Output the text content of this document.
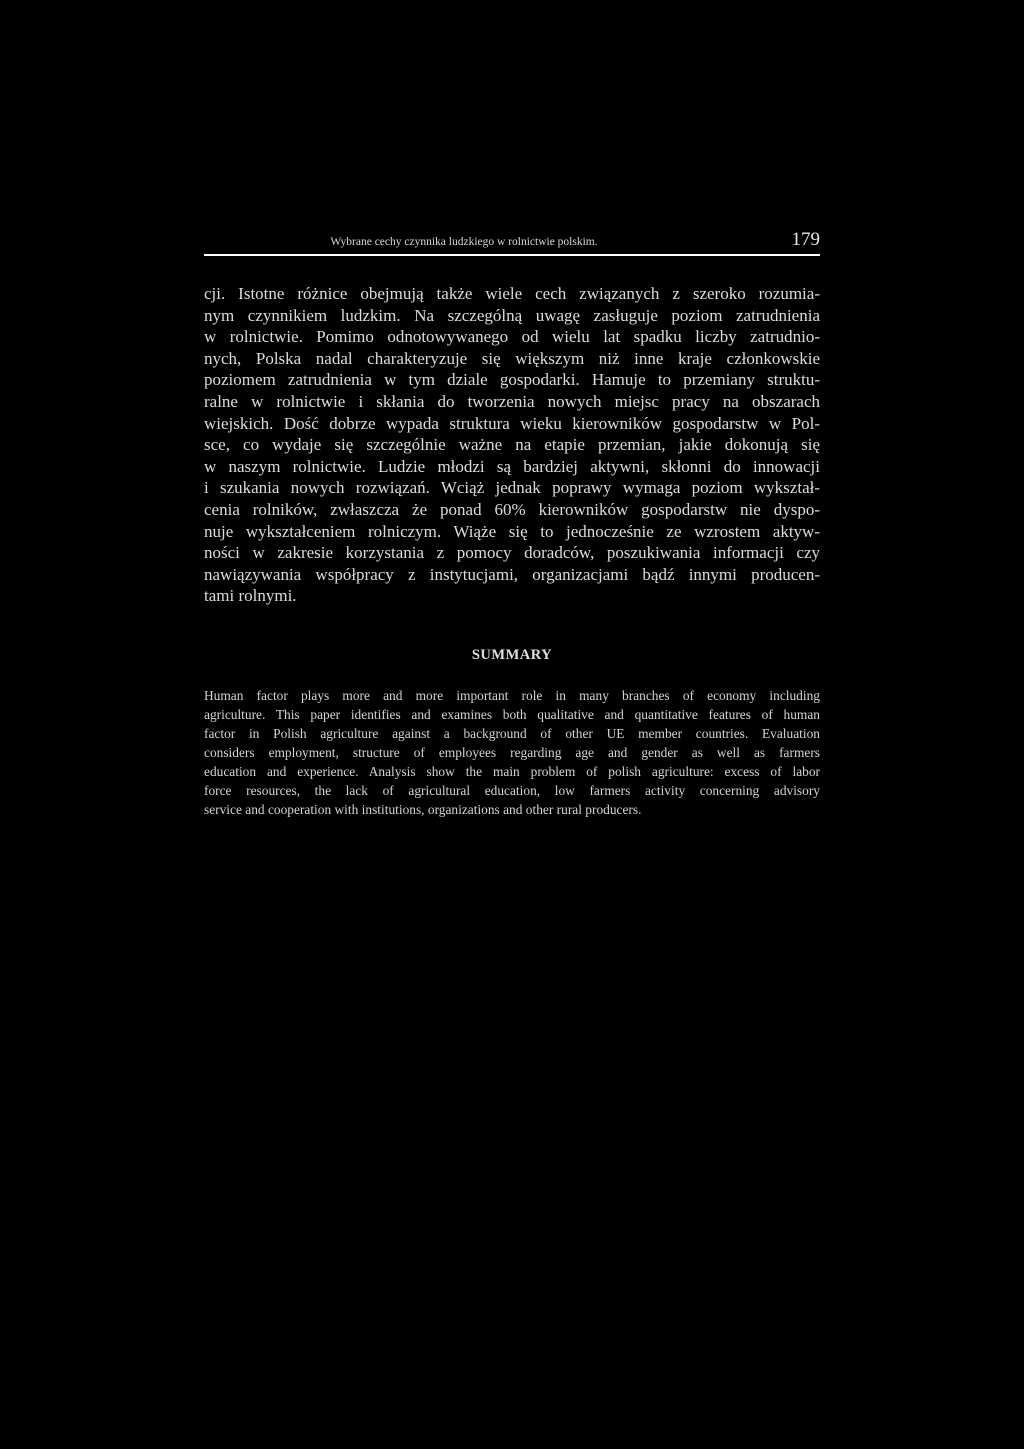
Wybrane cechy czynnika ludzkiego w rolnictwie polskim.	179

cji. Istotne różnice obejmują także wiele cech związanych z szeroko rozumia-
nym czynnikiem ludzkim. Na szczególną uwagę zasługuje poziom zatrudnienia
w rolnictwie. Pomimo odnotowywanego od wielu lat spadku liczby zatrudnio-
nych, Polska nadal charakteryzuje się większym niż inne kraje członkowskie
poziomem zatrudnienia w tym dziale gospodarki. Hamuje to przemiany struktu-
ralne w rolnictwie i skłania do tworzenia nowych miejsc pracy na obszarach
wiejskich. Dość dobrze wypada struktura wieku kierowników gospodarstw w Pol-
sce, co wydaje się szczególnie ważne na etapie przemian, jakie dokonują się
w naszym rolnictwie. Ludzie młodzi są bardziej aktywni, skłonni do innowacji
i szukania nowych rozwiązań. Wciąż jednak poprawy wymaga poziom wykształ-
cenia rolników, zwłaszcza że ponad 60% kierowników gospodarstw nie dyspo-
nuje wykształceniem rolniczym. Wiąże się to jednocześnie ze wzrostem aktyw-
ności w zakresie korzystania z pomocy doradców, poszukiwania informacji czy
nawiązywania współpracy z instytucjami, organizacjami bądź innymi producen-
tami rolnymi.

SUMMARY

Human factor plays more and more important role in many branches of economy including
agriculture. This paper identifies and examines both qualitative and quantitative features of human
factor in Polish agriculture against a background of other UE member countries. Evaluation
considers employment, structure of employees regarding age and gender as well as farmers
education and experience. Analysis show the main problem of polish agriculture: excess of labor
force resources, the lack of agricultural education, low farmers activity concerning advisory
service and cooperation with institutions, organizations and other rural producers.
